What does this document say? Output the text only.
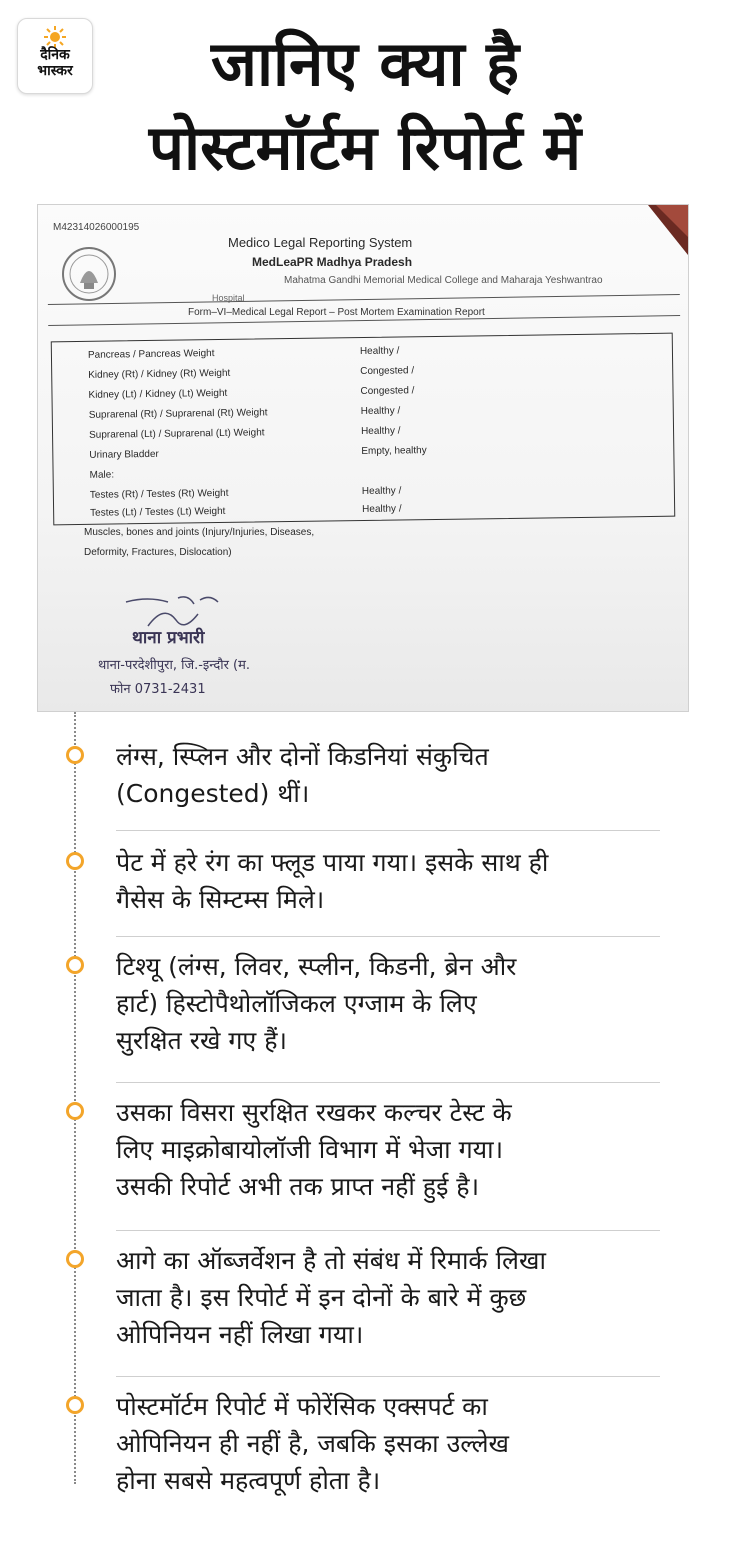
दैनिक
भास्कर	जानिए क्या है
पोस्टमॉर्टम रिपोर्ट में
M42314026000195
Medico Legal Reporting System
MedLeaPR Madhya Pradesh
Mahatma Gandhi Memorial Medical College and Maharaja Yeshwantrao
Hospital
Form–VI–Medical Legal Report – Post Mortem Examination Report
Pancreas / Pancreas Weight	Healthy /
Kidney (Rt) / Kidney (Rt) Weight	Congested /
Kidney (Lt) / Kidney (Lt) Weight	Congested /
Suprarenal (Rt) / Suprarenal (Rt) Weight	Healthy /
Suprarenal (Lt) / Suprarenal (Lt) Weight	Healthy /
Urinary Bladder	Empty, healthy
Male:
Testes (Rt) / Testes (Rt) Weight	Healthy /
Testes (Lt) / Testes (Lt) Weight	Healthy /
Muscles, bones and joints (Injury/Injuries, Diseases,
Deformity, Fractures, Dislocation)
थाना प्रभारी
थाना-परदेशीपुरा, जि.-इन्दौर (म.
फोन 0731-2431
लंग्स, स्प्लिन और दोनों किडनियां संकुचित
(Congested) थीं।
पेट में हरे रंग का फ्लूड पाया गया। इसके साथ ही
गैसेस के सिम्टम्स मिले।
टिश्यू (लंग्स, लिवर, स्प्लीन, किडनी, ब्रेन और
हार्ट) हिस्टोपैथोलॉजिकल एग्जाम के लिए
सुरक्षित रखे गए हैं।
उसका विसरा सुरक्षित रखकर कल्चर टेस्ट के
लिए माइक्रोबायोलॉजी विभाग में भेजा गया।
उसकी रिपोर्ट अभी तक प्राप्त नहीं हुई है।
आगे का ऑब्जर्वेशन है तो संबंध में रिमार्क लिखा
जाता है। इस रिपोर्ट में इन दोनों के बारे में कुछ
ओपिनियन नहीं लिखा गया।
पोस्टमॉर्टम रिपोर्ट में फोरेंसिक एक्सपर्ट का
ओपिनियन ही नहीं है, जबकि इसका उल्लेख
होना सबसे महत्वपूर्ण होता है।
